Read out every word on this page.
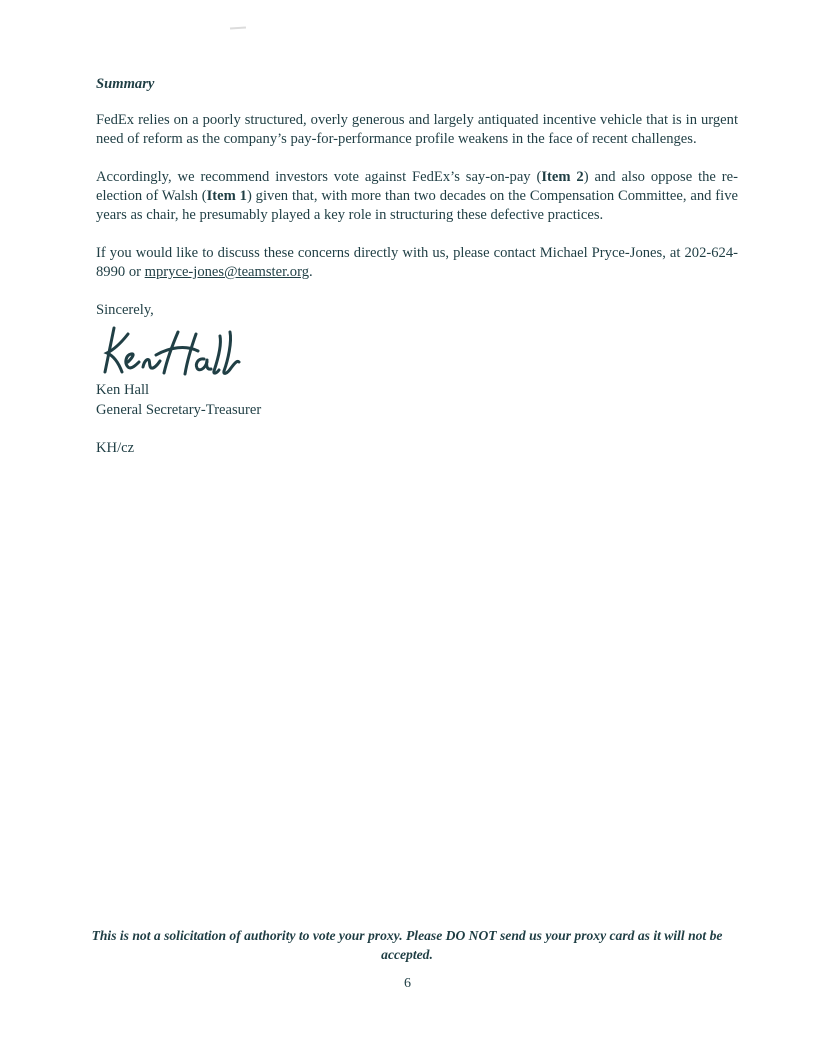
Summary

FedEx relies on a poorly structured, overly generous and largely antiquated incentive vehicle that is in urgent need of reform as the company’s pay-for-performance profile weakens in the face of recent challenges.

Accordingly, we recommend investors vote against FedEx’s say-on-pay (Item 2) and also oppose the re-election of Walsh (Item 1) given that, with more than two decades on the Compensation Committee, and five years as chair, he presumably played a key role in structuring these defective practices.

If you would like to discuss these concerns directly with us, please contact Michael Pryce-Jones, at 202-624-8990 or mpryce-jones@teamster.org.

Sincerely,

Ken Hall

General Secretary-Treasurer

KH/cz

This is not a solicitation of authority to vote your proxy. Please DO NOT send us your proxy card as it will not be accepted.

6
